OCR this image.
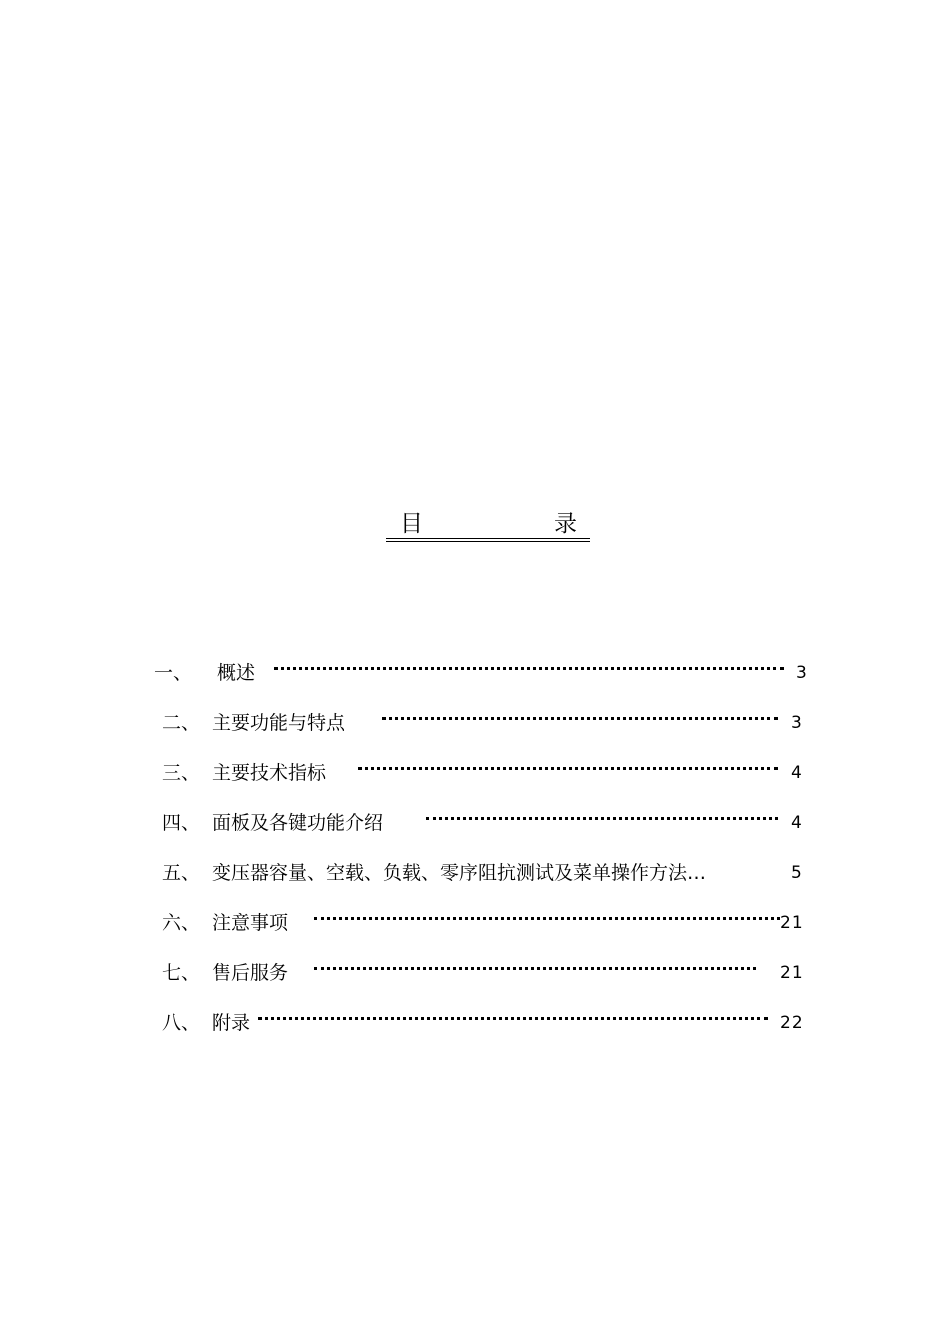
目	录
一、 概述	3
二、 主要功能与特点	3
三、 主要技术指标	4
四、 面板及各键功能介绍	4
五、 变压器容量、空载、负载、零序阻抗测试及菜单操作方法…	5
六、 注意事项	21
七、 售后服务	21
八、 附录	22
